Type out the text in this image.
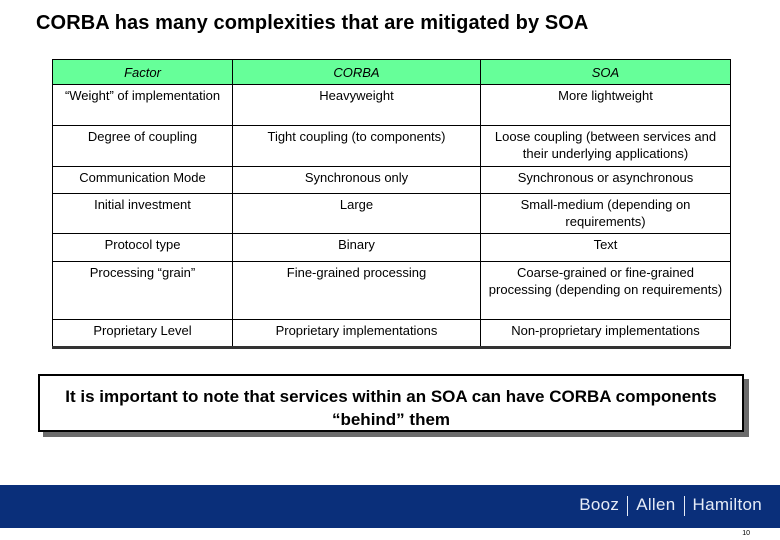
CORBA has many complexities that are mitigated by SOA
Factor	CORBA	SOA
“Weight” of implementation	Heavyweight	More lightweight
Degree of coupling	Tight coupling (to components)	Loose coupling (between services and their underlying applications)
Communication Mode	Synchronous only	Synchronous or asynchronous
Initial investment	Large	Small-medium (depending on requirements)
Protocol type	Binary	Text
Processing “grain”	Fine-grained processing	Coarse-grained or fine-grained processing (depending on requirements)
Proprietary Level	Proprietary implementations	Non-proprietary implementations
It is important to note that services within an SOA can have CORBA components “behind” them
Booz Allen Hamilton
10
